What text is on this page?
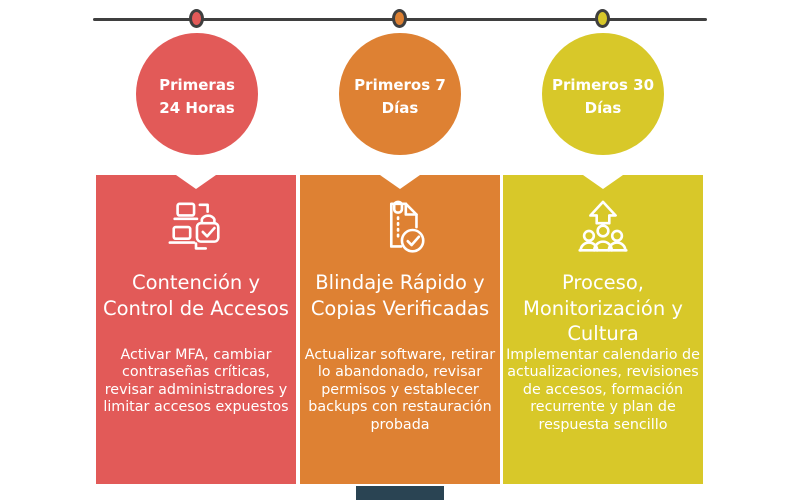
Primeras
24 Horas
Primeros 7
Días
Primeros 30
Días
Contención y Control de Accesos
Activar MFA, cambiar contraseñas críticas, revisar administradores y limitar accesos expuestos
Blindaje Rápido y Copias Verificadas
Actualizar software, retirar lo abandonado, revisar permisos y establecer backups con restauración probada
Proceso, Monitorización y Cultura
Implementar calendario de actualizaciones, revisiones de accesos, formación recurrente y plan de respuesta sencillo
